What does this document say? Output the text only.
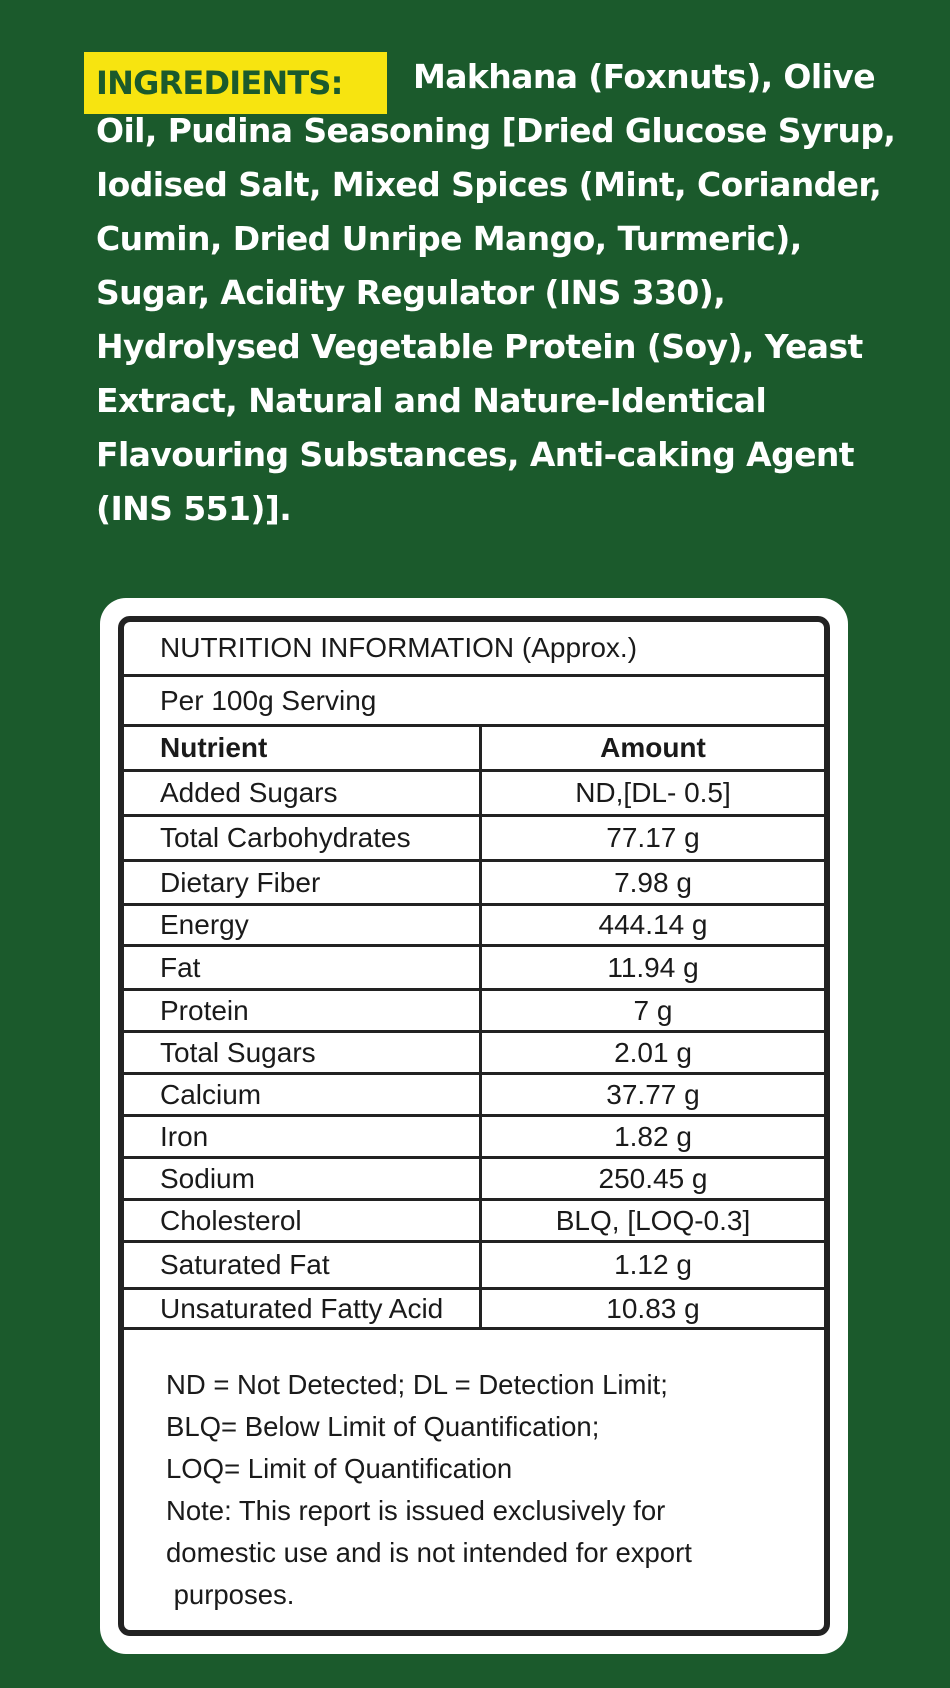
INGREDIENTS:	Makhana (Foxnuts), Olive
Oil, Pudina Seasoning [Dried Glucose Syrup,
Iodised Salt, Mixed Spices (Mint, Coriander,
Cumin, Dried Unripe Mango, Turmeric),
Sugar, Acidity Regulator (INS 330),
Hydrolysed Vegetable Protein (Soy), Yeast
Extract, Natural and Nature-Identical
Flavouring Substances, Anti-caking Agent
(INS 551)].
NUTRITION INFORMATION (Approx.)
Per 100g Serving
Nutrient	Amount
Added Sugars	ND,[DL- 0.5]
Total Carbohydrates	77.17 g
Dietary Fiber	7.98 g
Energy	444.14 g
Fat	11.94 g
Protein	7 g
Total Sugars	2.01 g
Calcium	37.77 g
Iron	1.82 g
Sodium	250.45 g
Cholesterol	BLQ, [LOQ-0.3]
Saturated Fat	1.12 g
Unsaturated Fatty Acid	10.83 g
ND = Not Detected; DL = Detection Limit;
BLQ= Below Limit of Quantification;
LOQ= Limit of Quantification
Note: This report is issued exclusively for
domestic use and is not intended for export
purposes.
